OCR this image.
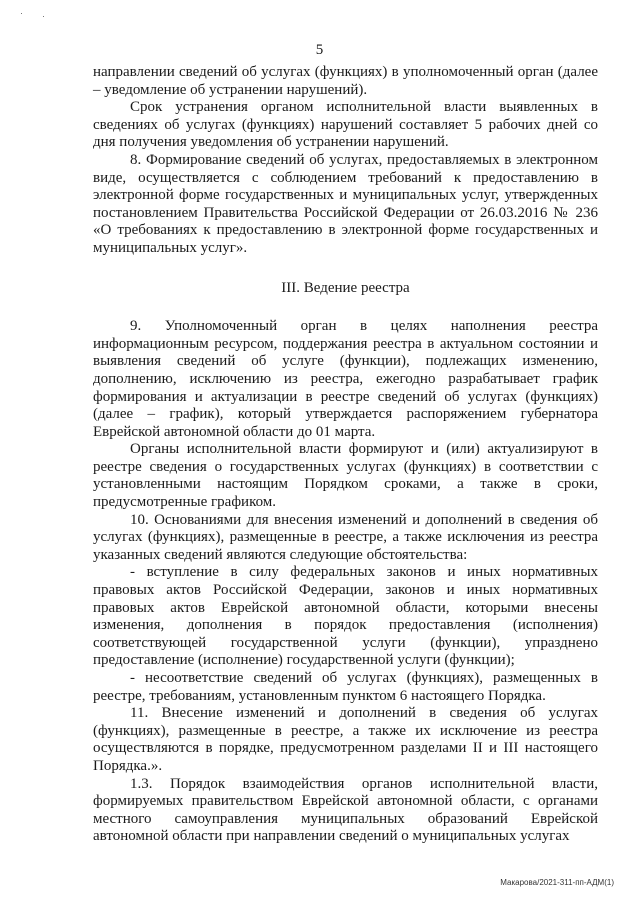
5

направлении сведений об услугах (функциях) в уполномоченный орган (далее – уведомление об устранении нарушений).

Срок устранения органом исполнительной власти выявленных в сведениях об услугах (функциях) нарушений составляет 5 рабочих дней со дня получения уведомления об устранении нарушений.

8. Формирование сведений об услугах, предоставляемых в электронном виде, осуществляется с соблюдением требований к предоставлению в электронной форме государственных и муниципальных услуг, утвержденных постановлением Правительства Российской Федерации от 26.03.2016 № 236 «О требованиях к предоставлению в электронной форме государственных и муниципальных услуг».

III. Ведение реестра

9. Уполномоченный орган в целях наполнения реестра информационным ресурсом, поддержания реестра в актуальном состоянии и выявления сведений об услуге (функции), подлежащих изменению, дополнению, исключению из реестра, ежегодно разрабатывает график формирования и актуализации в реестре сведений об услугах (функциях) (далее – график), который утверждается распоряжением губернатора Еврейской автономной области до 01 марта.

Органы исполнительной власти формируют и (или) актуализируют в реестре сведения о государственных услугах (функциях) в соответствии с установленными настоящим Порядком сроками, а также в сроки, предусмотренные графиком.

10. Основаниями для внесения изменений и дополнений в сведения об услугах (функциях), размещенные в реестре, а также исключения из реестра указанных сведений являются следующие обстоятельства:

- вступление в силу федеральных законов и иных нормативных правовых актов Российской Федерации, законов и иных нормативных правовых актов Еврейской автономной области, которыми внесены изменения, дополнения в порядок предоставления (исполнения) соответствующей государственной услуги (функции), упразднено предоставление (исполнение) государственной услуги (функции);

- несоответствие сведений об услугах (функциях), размещенных в реестре, требованиям, установленным пунктом 6 настоящего Порядка.

11. Внесение изменений и дополнений в сведения об услугах (функциях), размещенные в реестре, а также их исключение из реестра осуществляются в порядке, предусмотренном разделами II и III настоящего Порядка.».

1.3. Порядок взаимодействия органов исполнительной власти, формируемых правительством Еврейской автономной области, с органами местного самоуправления муниципальных образований Еврейской автономной области при направлении сведений о муниципальных услугах

Макарова/2021-311-пп-АДМ(1)
